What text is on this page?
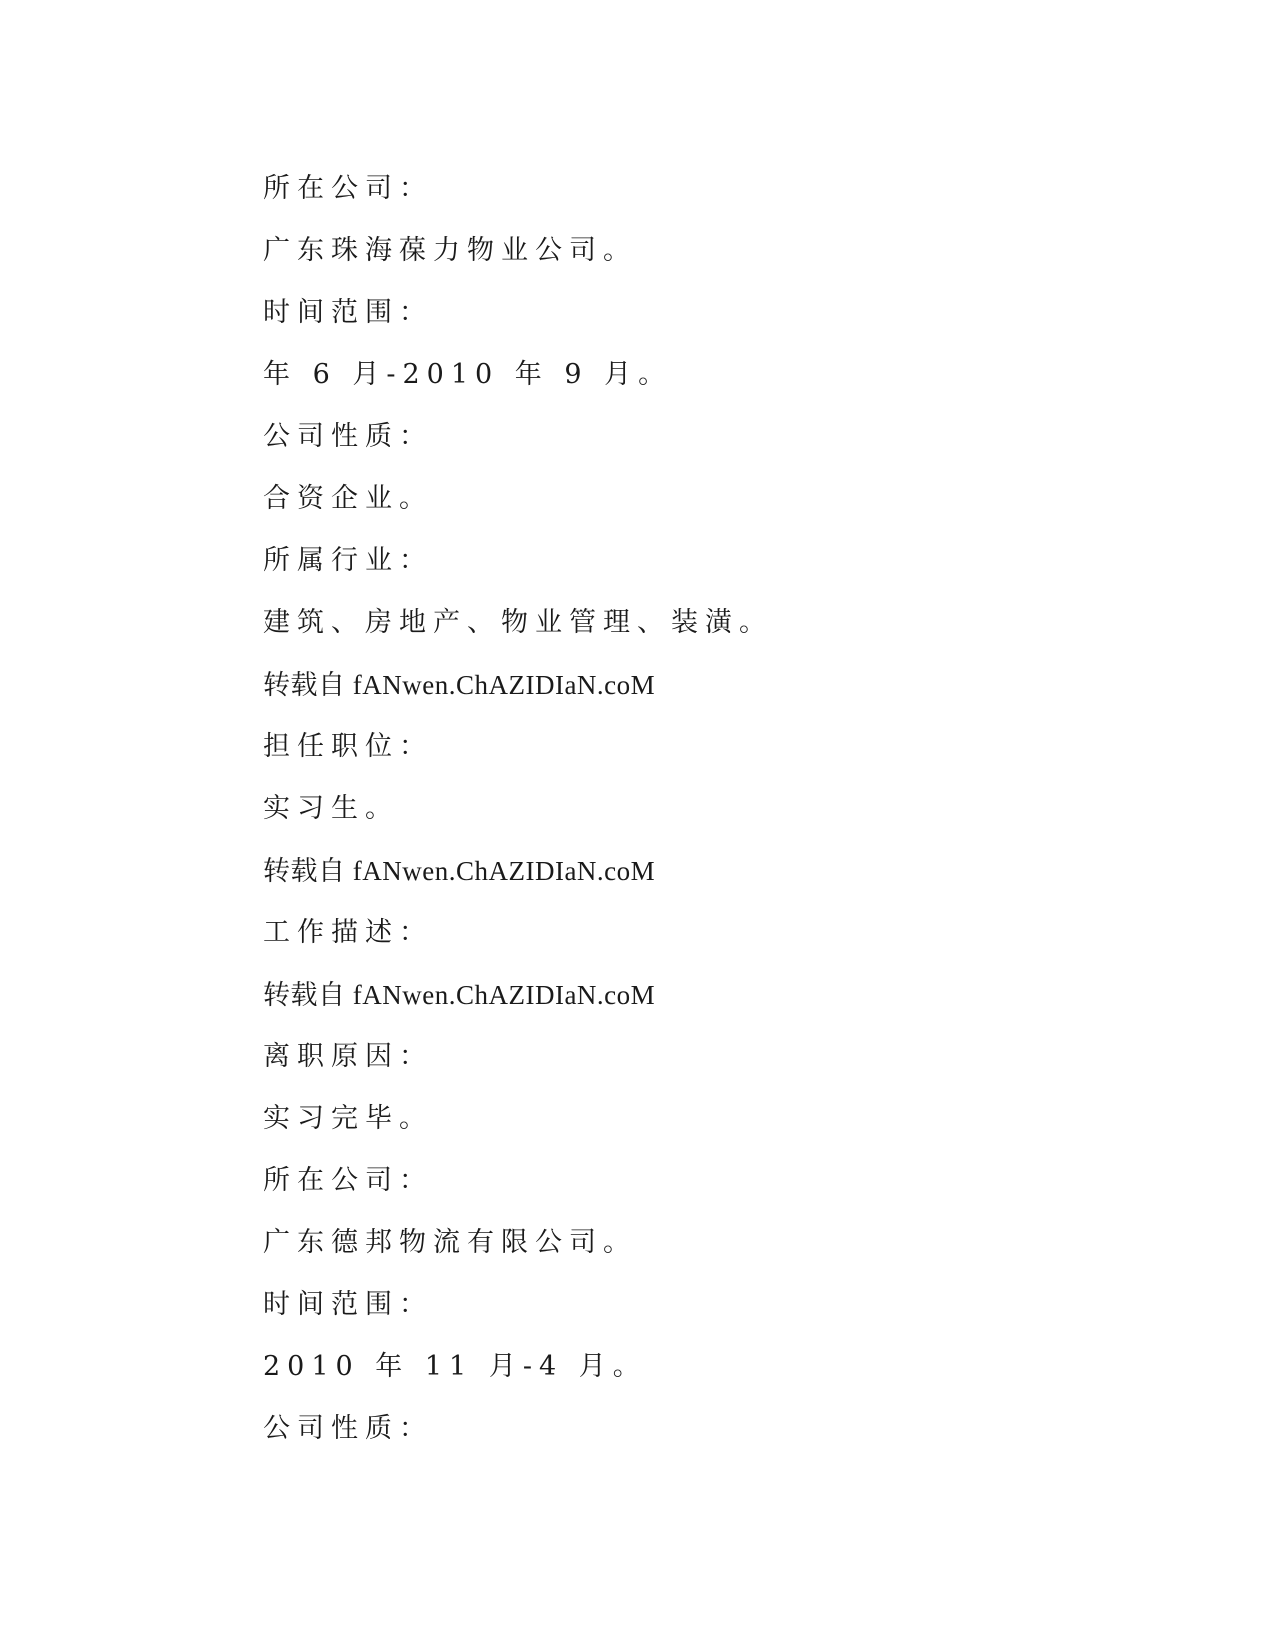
所在公司：
广东珠海葆力物业公司。
时间范围：
年 6 月-2010 年 9 月。
公司性质：
合资企业。
所属行业：
建筑、房地产、物业管理、装潢。
转载自 fANwen.ChAZIDIaN.coM
担任职位：
实习生。
转载自 fANwen.ChAZIDIaN.coM
工作描述：
转载自 fANwen.ChAZIDIaN.coM
离职原因：
实习完毕。
所在公司：
广东德邦物流有限公司。
时间范围：
2010 年 11 月-4 月。
公司性质：
